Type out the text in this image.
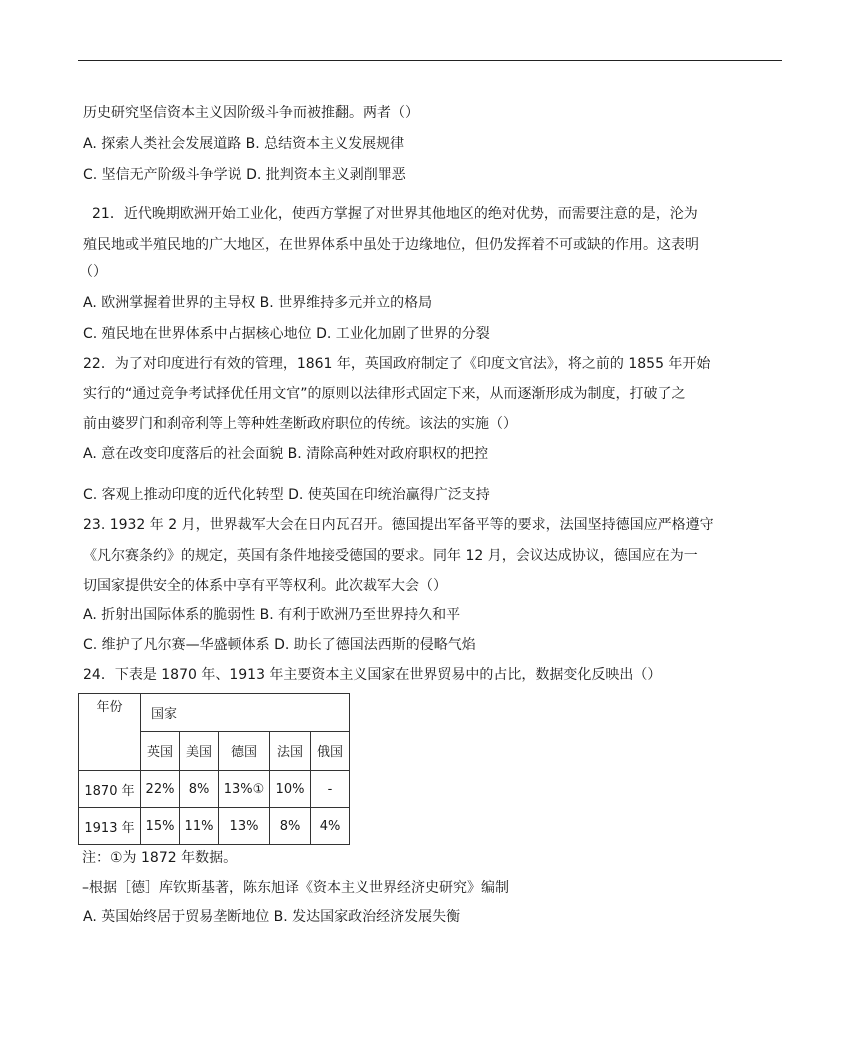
历史研究坚信资本主义因阶级斗争而被推翻。两者（）
A. 探索人类社会发展道路 B. 总结资本主义发展规律
C. 坚信无产阶级斗争学说 D. 批判资本主义剥削罪恶
21．近代晚期欧洲开始工业化，使西方掌握了对世界其他地区的绝对优势，而需要注意的是，沦为
殖民地或半殖民地的广大地区，在世界体系中虽处于边缘地位，但仍发挥着不可或缺的作用。这表明
（）
A. 欧洲掌握着世界的主导权 B. 世界维持多元并立的格局
C. 殖民地在世界体系中占据核心地位 D. 工业化加剧了世界的分裂
22．为了对印度进行有效的管理，1861 年，英国政府制定了《印度文官法》，将之前的 1855 年开始
实行的“通过竞争考试择优任用文官”的原则以法律形式固定下来，从而逐渐形成为制度，打破了之
前由婆罗门和刹帝利等上等种姓垄断政府职位的传统。该法的实施（）
A. 意在改变印度落后的社会面貌 B. 清除高种姓对政府职权的把控
C. 客观上推动印度的近代化转型 D. 使英国在印统治赢得广泛支持
23. 1932 年 2 月，世界裁军大会在日内瓦召开。德国提出军备平等的要求，法国坚持德国应严格遵守
《凡尔赛条约》的规定，英国有条件地接受德国的要求。同年 12 月，会议达成协议，德国应在为一
切国家提供安全的体系中享有平等权利。此次裁军大会（）
A. 折射出国际体系的脆弱性 B. 有利于欧洲乃至世界持久和平
C. 维护了凡尔赛—华盛顿体系 D. 助长了德国法西斯的侵略气焰
24．下表是 1870 年、1913 年主要资本主义国家在世界贸易中的占比，数据变化反映出（）
年份	国家				
	英国	美国	德国	法国	俄国
1870 年	22%	8%	13%①	10%	-
1913 年	15%	11%	13%	8%	4%
注：①为 1872 年数据。
–根据［德］库钦斯基著，陈东旭译《资本主义世界经济史研究》编制
A. 英国始终居于贸易垄断地位 B. 发达国家政治经济发展失衡
